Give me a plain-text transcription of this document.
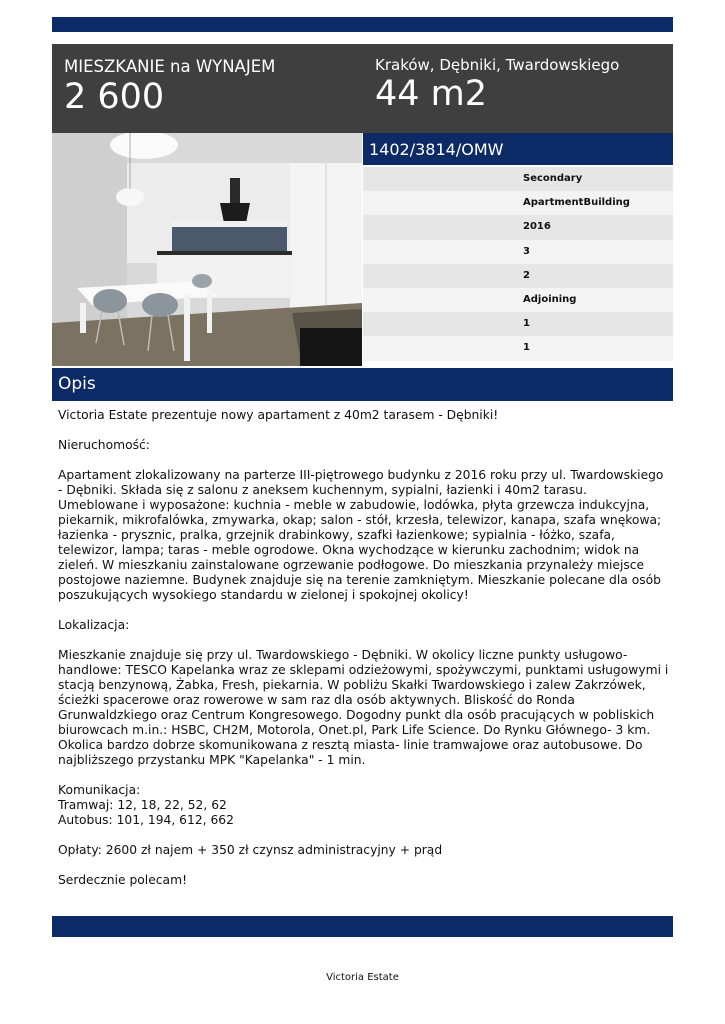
MIESZKANIE na WYNAJEM
2 600
Kraków, Dębniki, Twardowskiego
44 m2
1402/3814/OMW
Secondary
ApartmentBuilding
2016
3
2
Adjoining
1
1
Opis

Victoria Estate prezentuje nowy apartament z 40m2 tarasem - Dębniki!

Nieruchomość:

Apartament zlokalizowany na parterze III-piętrowego budynku z 2016 roku przy ul. Twardowskiego - Dębniki. Składa się z salonu z aneksem kuchennym, sypialni, łazienki i 40m2 tarasu. Umeblowane i wyposażone: kuchnia - meble w zabudowie, lodówka, płyta grzewcza indukcyjna, piekarnik, mikrofalówka, zmywarka, okap; salon - stół, krzesła, telewizor, kanapa, szafa wnękowa; łazienka - prysznic, pralka, grzejnik drabinkowy, szafki łazienkowe; sypialnia - łóżko, szafa, telewizor, lampa; taras - meble ogrodowe. Okna wychodzące w kierunku zachodnim; widok na zieleń. W mieszkaniu zainstalowane ogrzewanie podłogowe. Do mieszkania przynależy miejsce postojowe naziemne. Budynek znajduje się na terenie zamkniętym. Mieszkanie polecane dla osób poszukujących wysokiego standardu w zielonej i spokojnej okolicy!

Lokalizacja:

Mieszkanie znajduje się przy ul. Twardowskiego - Dębniki. W okolicy liczne punkty usługowo-handlowe: TESCO Kapelanka wraz ze sklepami odzieżowymi, spożywczymi, punktami usługowymi i stacją benzynową, Żabka, Fresh, piekarnia. W pobliżu Skałki Twardowskiego i zalew Zakrzówek, ścieżki spacerowe oraz rowerowe w sam raz dla osób aktywnych. Bliskość do Ronda Grunwaldzkiego oraz Centrum Kongresowego. Dogodny punkt dla osób pracujących w pobliskich biurowcach m.in.: HSBC, CH2M, Motorola, Onet.pl, Park Life Science. Do Rynku Głównego- 3 km. Okolica bardzo dobrze skomunikowana z resztą miasta- linie tramwajowe oraz autobusowe. Do najbliższego przystanku MPK "Kapelanka" - 1 min.

Komunikacja:

Tramwaj: 12, 18, 22, 52, 62

Autobus: 101, 194, 612, 662

Opłaty: 2600 zł najem + 350 zł czynsz administracyjny + prąd

Serdecznie polecam!

Victoria Estate
